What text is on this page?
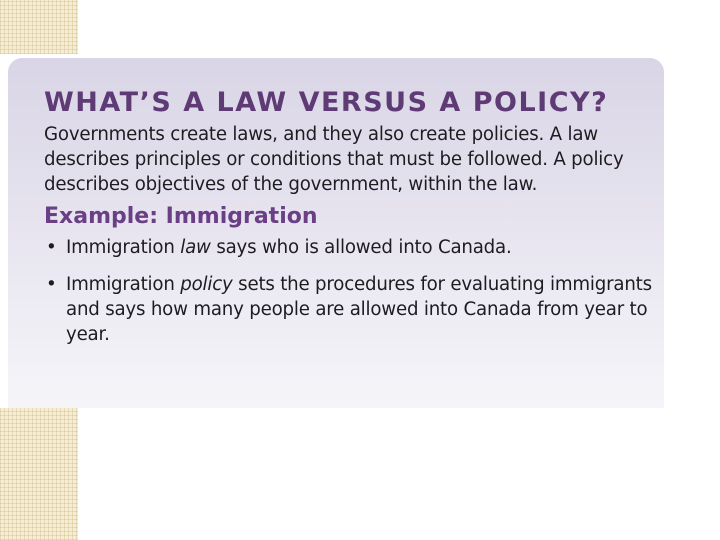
WHAT’S A LAW VERSUS A POLICY?

Governments create laws, and they also create policies. A law describes principles or conditions that must be followed. A policy describes objectives of the government, within the law.

Example: Immigration
• Immigration law says who is allowed into Canada.
• Immigration policy sets the procedures for evaluating immigrants and says how many people are allowed into Canada from year to year.
